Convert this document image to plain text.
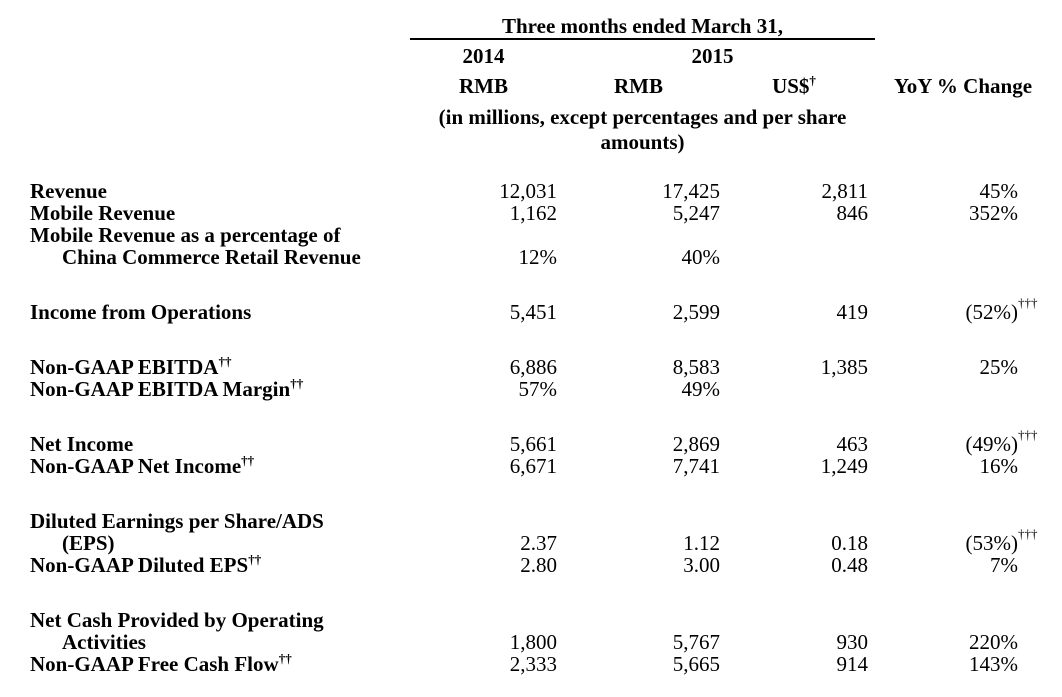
Three months ended March 31,
2014	2015
RMB	RMB	US$†	YoY % Change
(in millions, except percentages and per share amounts)
Revenue	12,031	17,425	2,811	45%
Mobile Revenue	1,162	5,247	846	352%
Mobile Revenue as a percentage of
China Commerce Retail Revenue	12%	40%
Income from Operations	5,451	2,599	419	(52%) †††
Non-GAAP EBITDA††	6,886	8,583	1,385	25%
Non-GAAP EBITDA Margin††	57%	49%
Net Income	5,661	2,869	463	(49%) †††
Non-GAAP Net Income††	6,671	7,741	1,249	16%
Diluted Earnings per Share/ADS
(EPS)	2.37	1.12	0.18	(53%) †††
Non-GAAP Diluted EPS††	2.80	3.00	0.48	7%
Net Cash Provided by Operating
Activities	1,800	5,767	930	220%
Non-GAAP Free Cash Flow††	2,333	5,665	914	143%
